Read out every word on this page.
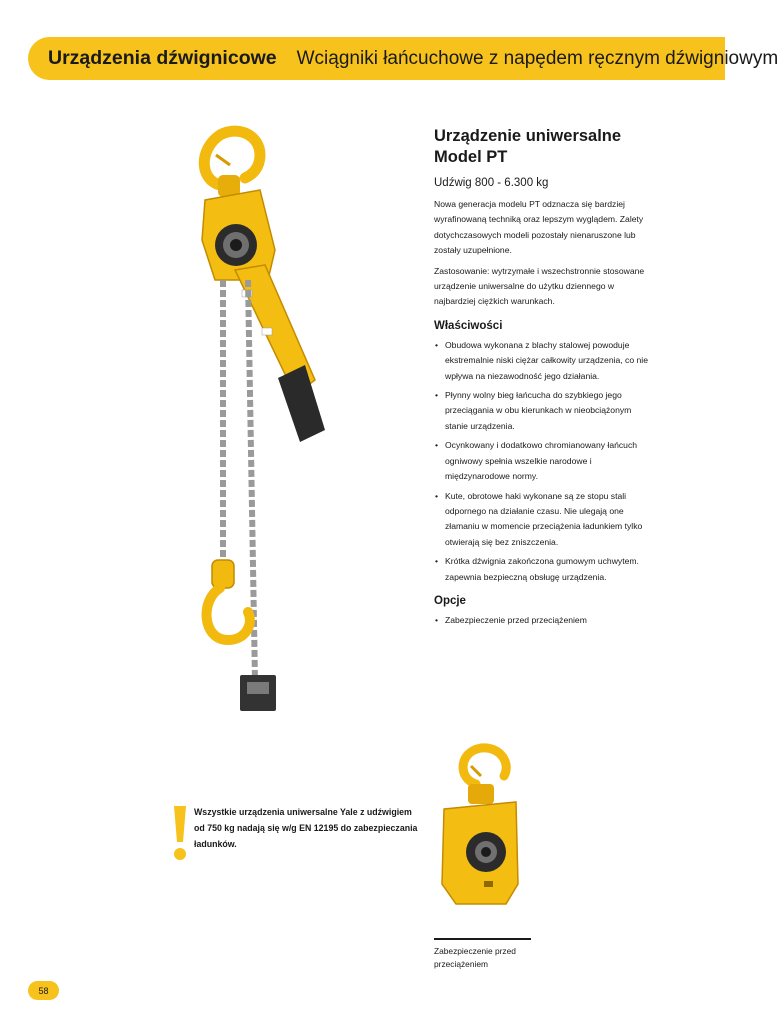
Urządzenia dźwignicowe Wciągniki łańcuchowe z napędem ręcznym dźwigniowym
Urządzenie uniwersalne
Model PT

Udźwig 800 - 6.300 kg

Nowa generacja modelu PT odznacza się bardziej wyrafinowaną techniką oraz lepszym wyglądem. Zalety dotychczasowych modeli pozostały nienaruszone lub zostały uzupełnione.

Zastosowanie: wytrzymałe i wszechstronnie stosowane urządzenie uniwersalne do użytku dziennego w najbardziej ciężkich warunkach.

Właściwości
• Obudowa wykonana z blachy stalowej powoduje ekstremalnie niski ciężar całkowity urządzenia, co nie wpływa na niezawodność jego działania.
• Płynny wolny bieg łańcucha do szybkiego jego przeciągania w obu kierunkach w nieobciążonym stanie urządzenia.
• Ocynkowany i dodatkowo chromianowany łańcuch ogniwowy spełnia wszelkie narodowe i międzynarodowe normy.
• Kute, obrotowe haki wykonane są ze stopu stali odpornego na działanie czasu. Nie ulegają one złamaniu w momencie przeciążenia ładunkiem tylko otwierają się bez zniszczenia.
• Krótka dźwignia zakończona gumowym uchwytem. zapewnia bezpieczną obsługę urządzenia.
Opcje
• Zabezpieczenie przed przeciążeniem
Wszystkie urządzenia uniwersalne Yale z udźwigiem od 750 kg nadają się w/g EN 12195 do zabezpieczania ładunków.
Zabezpieczenie przed przeciążeniem
58
